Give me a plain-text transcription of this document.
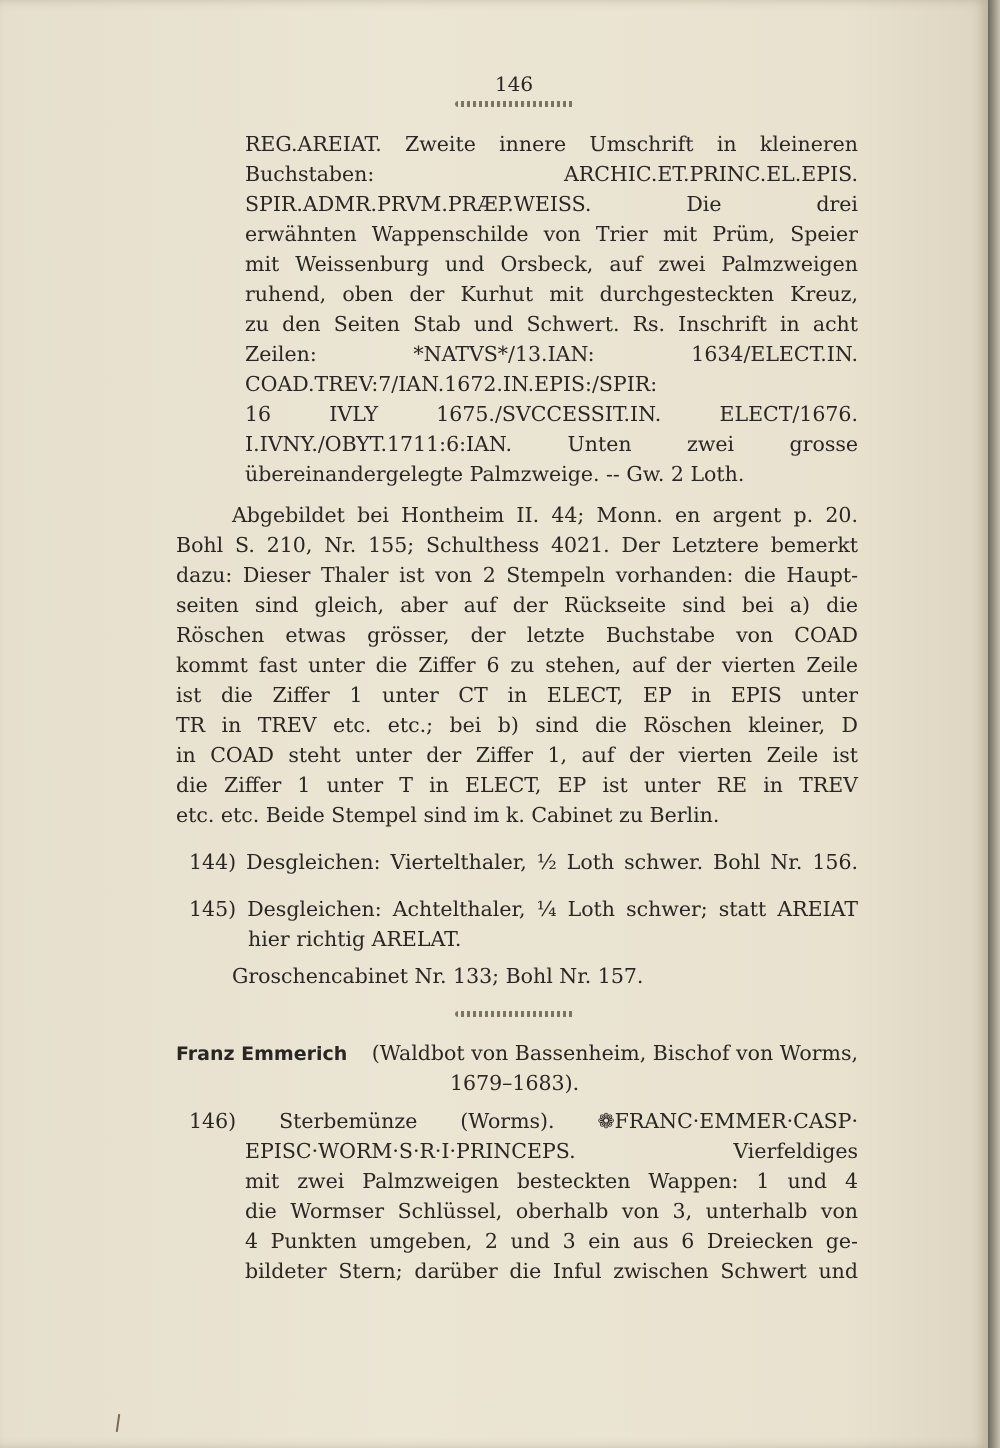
146
REG.AREIAT. Zweite innere Umschrift in kleineren
Buchstaben: ARCHIC.ET.PRINC.EL.EPIS.
SPIR.ADMR.PRVM.PRÆP.WEISS. Die drei
erwähnten Wappenschilde von Trier mit Prüm, Speier
mit Weissenburg und Orsbeck, auf zwei Palmzweigen
ruhend, oben der Kurhut mit durchgesteckten Kreuz,
zu den Seiten Stab und Schwert. Rs. Inschrift in acht
Zeilen: *NATVS*/13.IAN: 1634/ELECT.IN.
COAD.TREV:7/IAN.1672.IN.EPIS:/SPIR:
16 IVLY 1675./SVCCESSIT.IN. ELECT/1676.
I.IVNY./OBYT.1711:6:IAN. Unten zwei grosse
übereinandergelegte Palmzweige. -- Gw. 2 Loth.
Abgebildet bei Hontheim II. 44; Monn. en argent p. 20.
Bohl S. 210, Nr. 155; Schulthess 4021. Der Letztere bemerkt
dazu: Dieser Thaler ist von 2 Stempeln vorhanden: die Haupt-
seiten sind gleich, aber auf der Rückseite sind bei a) die
Röschen etwas grösser, der letzte Buchstabe von COAD
kommt fast unter die Ziffer 6 zu stehen, auf der vierten Zeile
ist die Ziffer 1 unter CT in ELECT, EP in EPIS unter
TR in TREV etc. etc.; bei b) sind die Röschen kleiner, D
in COAD steht unter der Ziffer 1, auf der vierten Zeile ist
die Ziffer 1 unter T in ELECT, EP ist unter RE in TREV
etc. etc. Beide Stempel sind im k. Cabinet zu Berlin.
144) Desgleichen: Viertelthaler, ½ Loth schwer. Bohl Nr. 156.
145) Desgleichen: Achtelthaler, ¼ Loth schwer; statt AREIAT
hier richtig ARELAT.
Groschencabinet Nr. 133; Bohl Nr. 157.
Franz Emmerich (Waldbot von Bassenheim, Bischof von Worms,
1679–1683).
146) Sterbemünze (Worms). ❁FRANC·EMMER·CASP·
EPISC·WORM·S·R·I·PRINCEPS. Vierfeldiges
mit zwei Palmzweigen besteckten Wappen: 1 und 4
die Wormser Schlüssel, oberhalb von 3, unterhalb von
4 Punkten umgeben, 2 und 3 ein aus 6 Dreiecken ge-
bildeter Stern; darüber die Inful zwischen Schwert und
